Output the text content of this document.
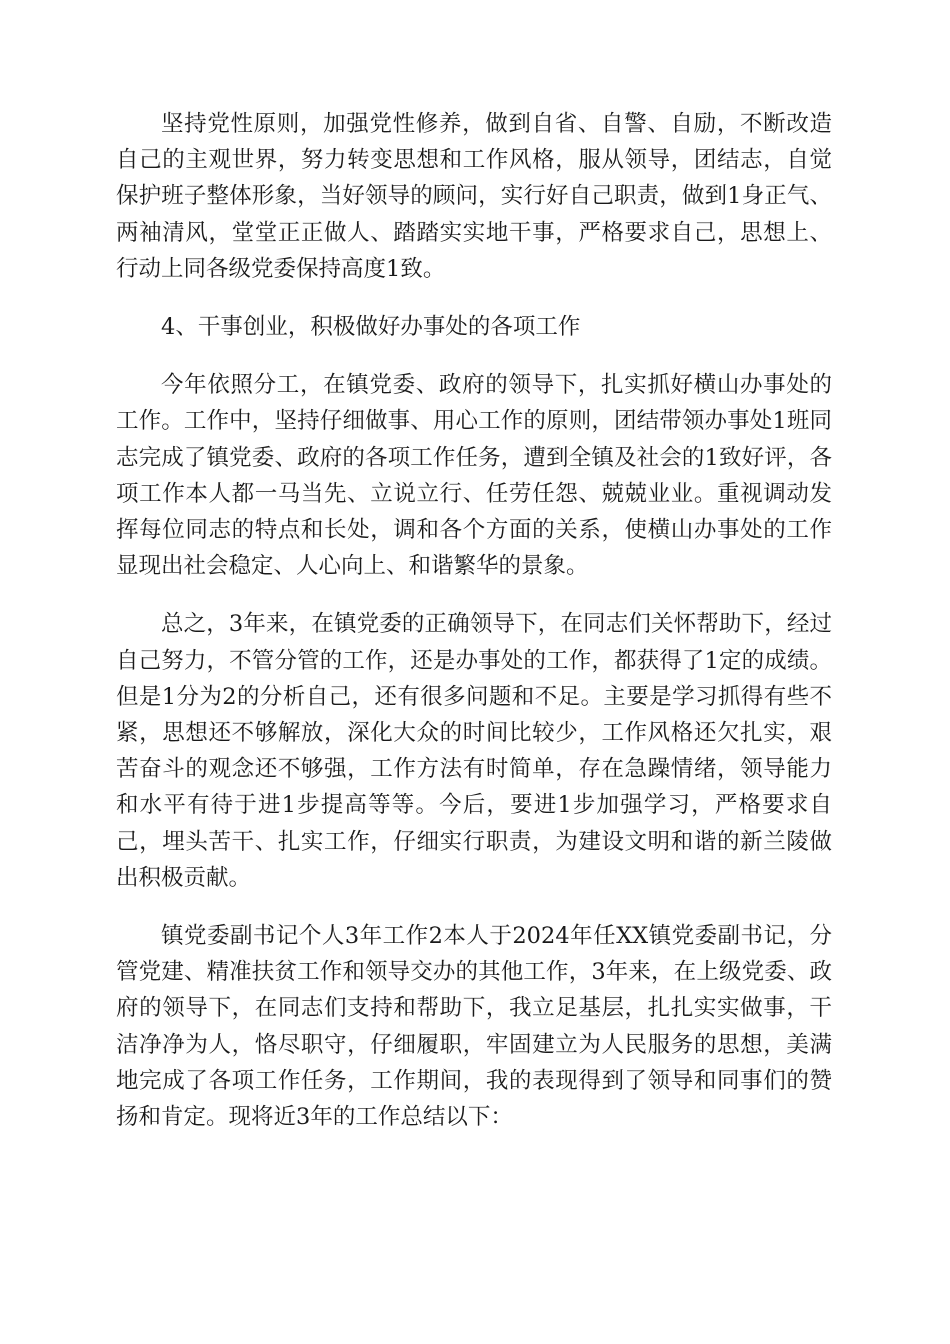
坚持党性原则，加强党性修养，做到自省、自警、自励，不断改造自己的主观世界，努力转变思想和工作风格，服从领导，团结志，自觉保护班子整体形象，当好领导的顾问，实行好自己职责，做到1身正气、两袖清风，堂堂正正做人、踏踏实实地干事，严格要求自己，思想上、行动上同各级党委保持高度1致。

4、干事创业，积极做好办事处的各项工作

今年依照分工，在镇党委、政府的领导下，扎实抓好横山办事处的工作。工作中，坚持仔细做事、用心工作的原则，团结带领办事处1班同志完成了镇党委、政府的各项工作任务，遭到全镇及社会的1致好评，各项工作本人都一马当先、立说立行、任劳任怨、兢兢业业。重视调动发挥每位同志的特点和长处，调和各个方面的关系，使横山办事处的工作显现出社会稳定、人心向上、和谐繁华的景象。

总之，3年来，在镇党委的正确领导下，在同志们关怀帮助下，经过自己努力，不管分管的工作，还是办事处的工作，都获得了1定的成绩。但是1分为2的分析自己，还有很多问题和不足。主要是学习抓得有些不紧，思想还不够解放，深化大众的时间比较少，工作风格还欠扎实，艰苦奋斗的观念还不够强，工作方法有时简单，存在急躁情绪，领导能力和水平有待于进1步提高等等。今后，要进1步加强学习，严格要求自己，埋头苦干、扎实工作，仔细实行职责，为建设文明和谐的新兰陵做出积极贡献。

镇党委副书记个人3年工作2本人于2024年任XX镇党委副书记，分管党建、精准扶贫工作和领导交办的其他工作，3年来，在上级党委、政府的领导下，在同志们支持和帮助下，我立足基层，扎扎实实做事，干洁净净为人，恪尽职守，仔细履职，牢固建立为人民服务的思想，美满地完成了各项工作任务，工作期间，我的表现得到了领导和同事们的赞扬和肯定。现将近3年的工作总结以下：
